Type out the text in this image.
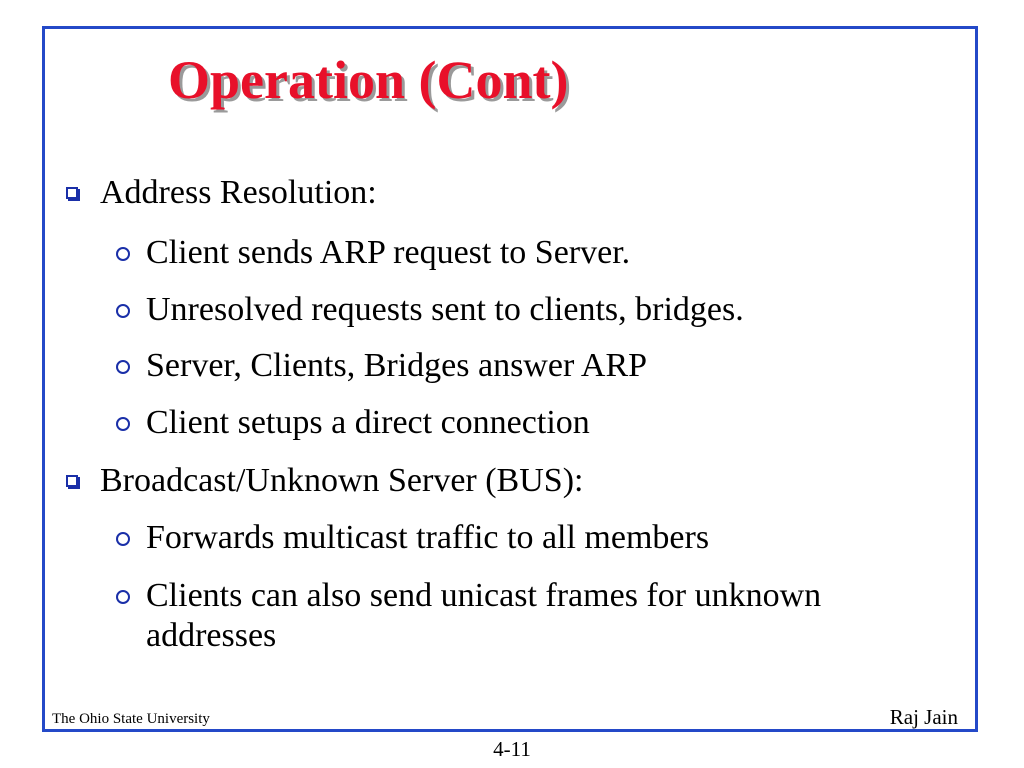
Operation (Cont)
Address Resolution:
Client sends ARP request to Server.
Unresolved requests sent to clients, bridges.
Server, Clients, Bridges answer ARP
Client setups a direct connection
Broadcast/Unknown Server (BUS):
Forwards multicast traffic to all members
Clients can also send unicast frames for unknown addresses
The Ohio State University	Raj Jain
4-11
